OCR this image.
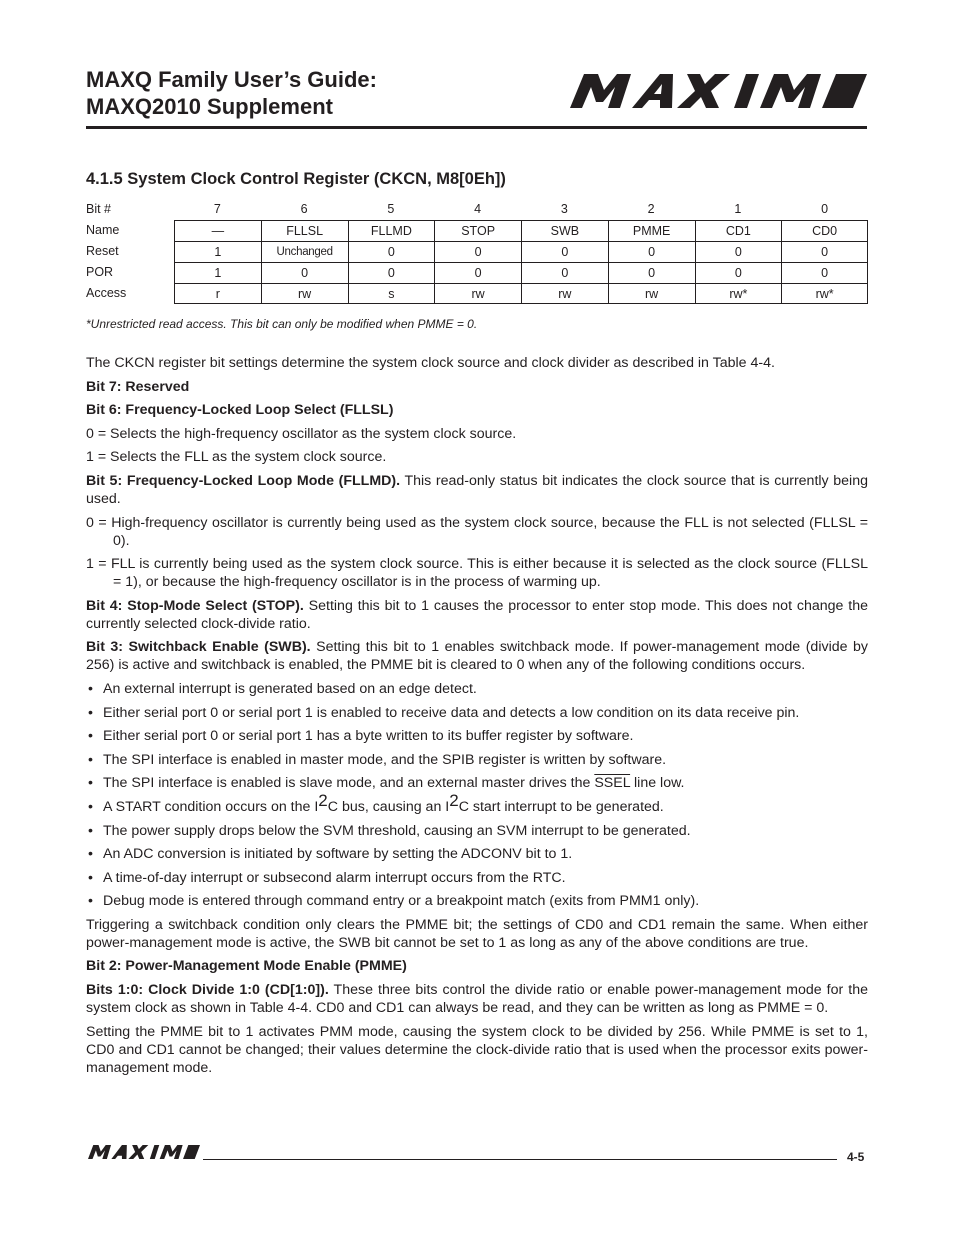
MAXQ Family User’s Guide:
MAXQ2010 Supplement
4.1.5 System Clock Control Register (CKCN, M8[0Eh])
Bit #	7	6	5	4	3	2	1	0
Name	—	FLLSL	FLLMD	STOP	SWB	PMME	CD1	CD0
Reset	1	Unchanged	0	0	0	0	0	0
POR	1	0	0	0	0	0	0	0
Access	r	rw	s	rw	rw	rw	rw*	rw*

*Unrestricted read access. This bit can only be modified when PMME = 0.

The CKCN register bit settings determine the system clock source and clock divider as described in Table 4-4.

Bit 7: Reserved

Bit 6: Frequency-Locked Loop Select (FLLSL)

0 = Selects the high-frequency oscillator as the system clock source.

1 = Selects the FLL as the system clock source.

Bit 5: Frequency-Locked Loop Mode (FLLMD). This read-only status bit indicates the clock source that is currently being used.

0 = High-frequency oscillator is currently being used as the system clock source, because the FLL is not selected (FLLSL = 0).

1 = FLL is currently being used as the system clock source. This is either because it is selected as the clock source (FLLSL = 1), or because the high-frequency oscillator is in the process of warming up.

Bit 4: Stop-Mode Select (STOP). Setting this bit to 1 causes the processor to enter stop mode. This does not change the currently selected clock-divide ratio.

Bit 3: Switchback Enable (SWB). Setting this bit to 1 enables switchback mode. If power-management mode (divide by 256) is active and switchback is enabled, the PMME bit is cleared to 0 when any of the following conditions occurs.

• An external interrupt is generated based on an edge detect.
• Either serial port 0 or serial port 1 is enabled to receive data and detects a low condition on its data receive pin.
• Either serial port 0 or serial port 1 has a byte written to its buffer register by software.
• The SPI interface is enabled in master mode, and the SPIB register is written by software.
• The SPI interface is enabled is slave mode, and an external master drives the SSEL line low.
• A START condition occurs on the I2C bus, causing an I2C start interrupt to be generated.
• The power supply drops below the SVM threshold, causing an SVM interrupt to be generated.
• An ADC conversion is initiated by software by setting the ADCONV bit to 1.
• A time-of-day interrupt or subsecond alarm interrupt occurs from the RTC.
• Debug mode is entered through command entry or a breakpoint match (exits from PMM1 only).

Triggering a switchback condition only clears the PMME bit; the settings of CD0 and CD1 remain the same. When either power-management mode is active, the SWB bit cannot be set to 1 as long as any of the above conditions are true.

Bit 2: Power-Management Mode Enable (PMME)

Bits 1:0: Clock Divide 1:0 (CD[1:0]). These three bits control the divide ratio or enable power-management mode for the system clock as shown in Table 4-4. CD0 and CD1 can always be read, and they can be written as long as PMME = 0.

Setting the PMME bit to 1 activates PMM mode, causing the system clock to be divided by 256. While PMME is set to 1, CD0 and CD1 cannot be changed; their values determine the clock-divide ratio that is used when the processor exits power-management mode.

4-5
